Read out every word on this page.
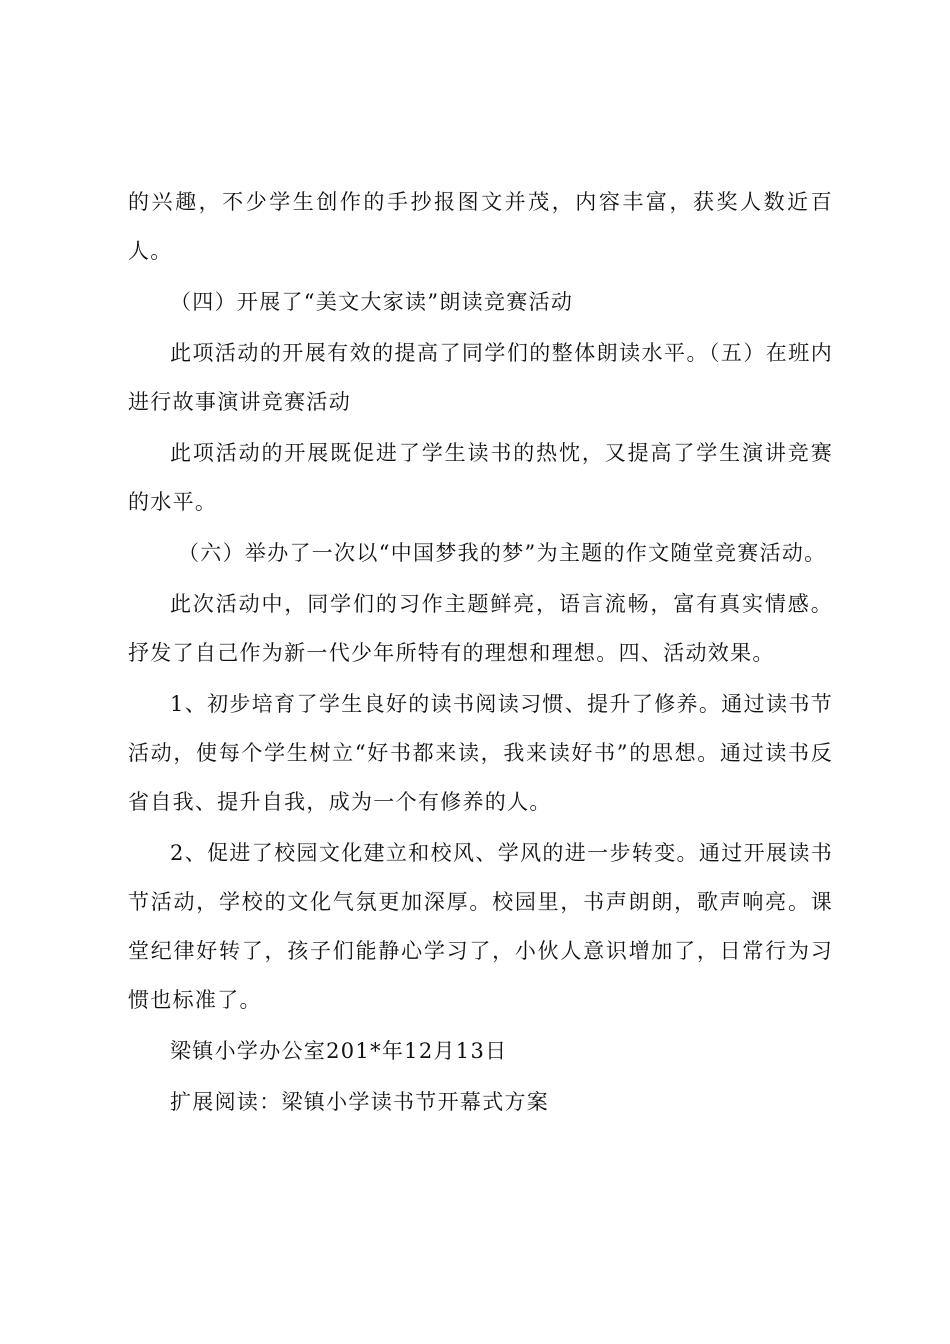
的兴趣，不少学生创作的手抄报图文并茂，内容丰富，获奖人数近百人。

（四）开展了“美文大家读”朗读竞赛活动

此项活动的开展有效的提高了同学们的整体朗读水平。（五）在班内进行故事演讲竞赛活动

此项活动的开展既促进了学生读书的热忱，又提高了学生演讲竞赛的水平。

（六）举办了一次以“中国梦我的梦”为主题的作文随堂竞赛活动。

此次活动中，同学们的习作主题鲜亮，语言流畅，富有真实情感。抒发了自己作为新一代少年所特有的理想和理想。四、活动效果。

1、初步培育了学生良好的读书阅读习惯、提升了修养。通过读书节活动，使每个学生树立“好书都来读，我来读好书”的思想。通过读书反省自我、提升自我，成为一个有修养的人。

2、促进了校园文化建立和校风、学风的进一步转变。通过开展读书节活动，学校的文化气氛更加深厚。校园里，书声朗朗，歌声响亮。课堂纪律好转了，孩子们能静心学习了，小伙人意识增加了，日常行为习惯也标准了。

梁镇小学办公室201*年12月13日

扩展阅读：梁镇小学读书节开幕式方案
